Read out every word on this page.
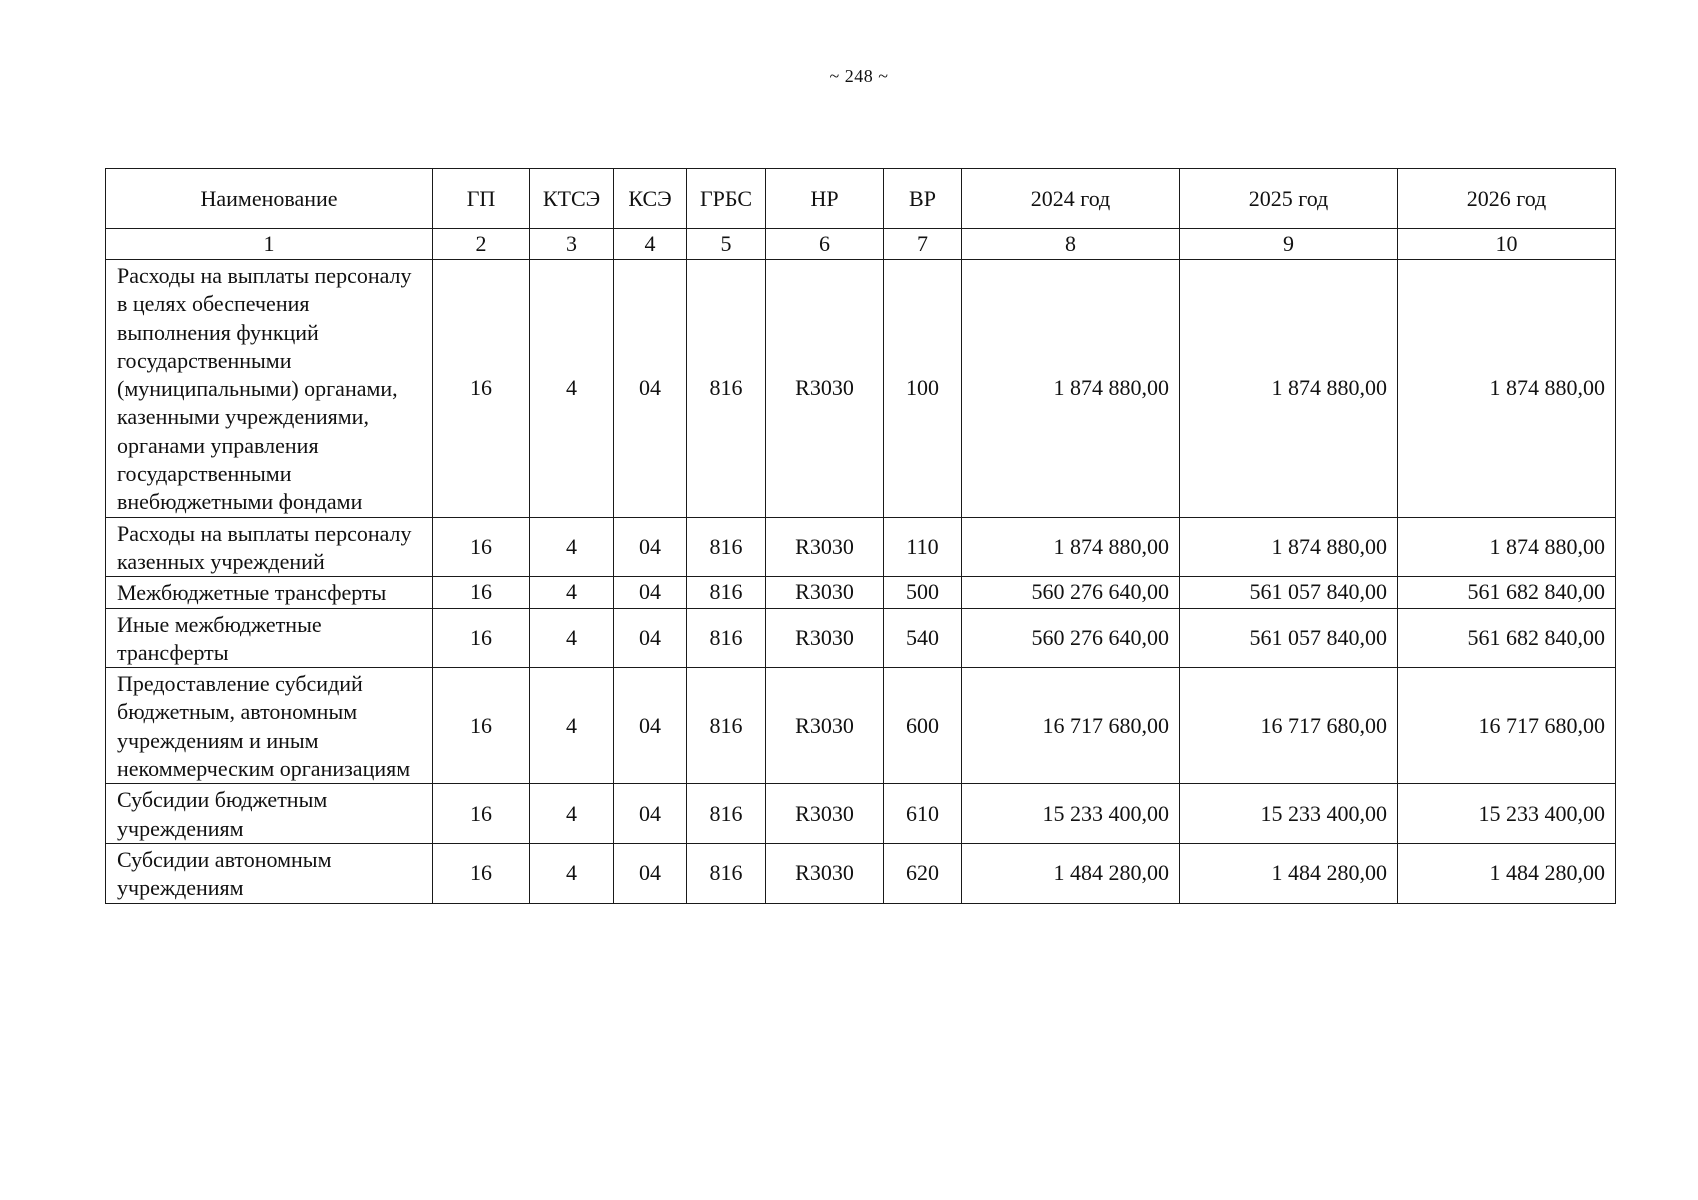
~ 248 ~
Наименование	ГП	КТСЭ	КСЭ	ГРБС	НР	ВР	2024 год	2025 год	2026 год
1	2	3	4	5	6	7	8	9	10
Расходы на выплаты персоналу в целях обеспечения выполнения функций государственными (муниципальными) органами, казенными учреждениями, органами управления государственными внебюджетными фондами	16	4	04	816	R3030	100	1 874 880,00	1 874 880,00	1 874 880,00
Расходы на выплаты персоналу казенных учреждений	16	4	04	816	R3030	110	1 874 880,00	1 874 880,00	1 874 880,00
Межбюджетные трансферты	16	4	04	816	R3030	500	560 276 640,00	561 057 840,00	561 682 840,00
Иные межбюджетные трансферты	16	4	04	816	R3030	540	560 276 640,00	561 057 840,00	561 682 840,00
Предоставление субсидий бюджетным, автономным учреждениям и иным некоммерческим организациям	16	4	04	816	R3030	600	16 717 680,00	16 717 680,00	16 717 680,00
Субсидии бюджетным учреждениям	16	4	04	816	R3030	610	15 233 400,00	15 233 400,00	15 233 400,00
Субсидии автономным учреждениям	16	4	04	816	R3030	620	1 484 280,00	1 484 280,00	1 484 280,00
